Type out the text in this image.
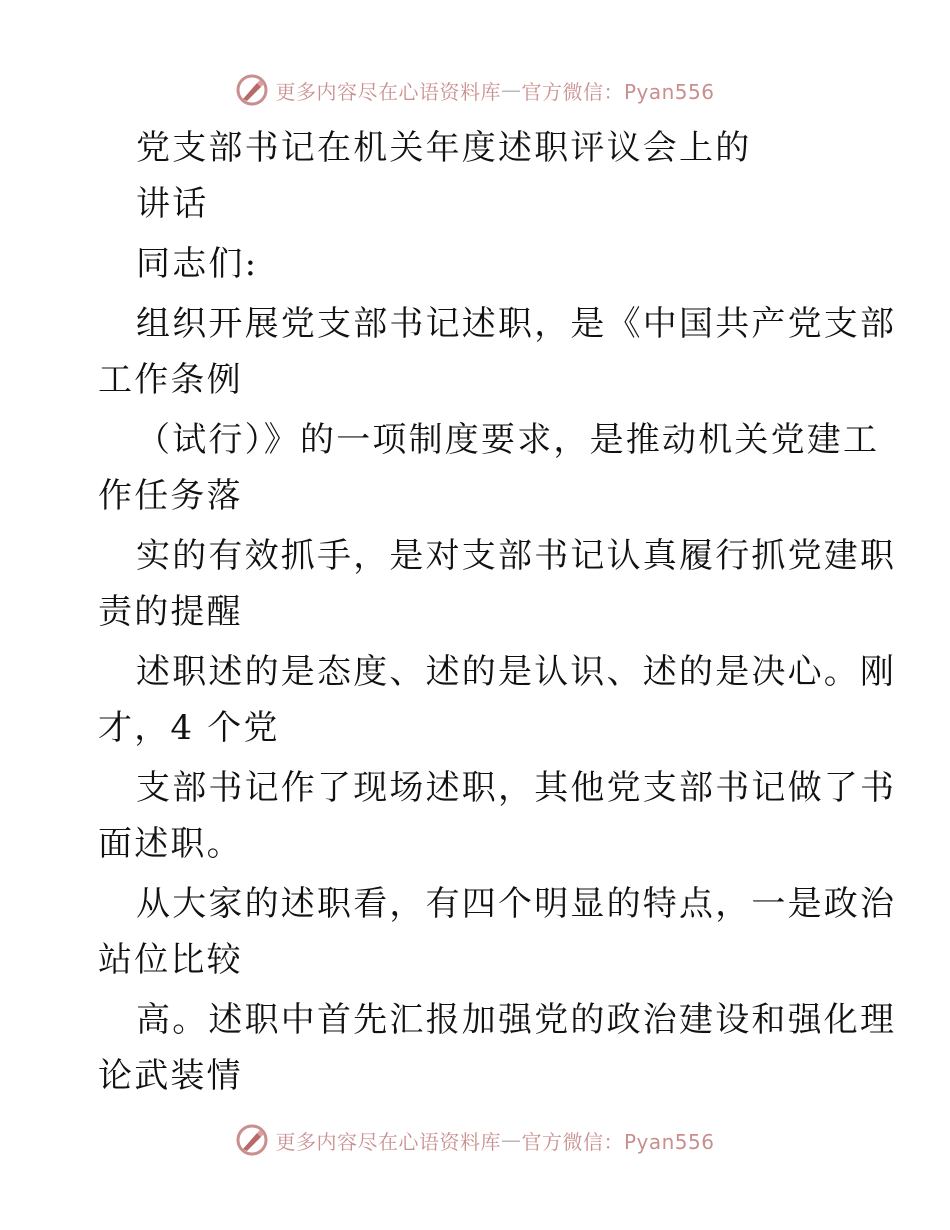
更多内容尽在心语资料库 — 官方微信：Pyan556
党支部书记在机关年度述职评议会上的
讲话
同志们:
组织开展党支部书记述职，是《中国共产党支部
工作条例
（试行）》的一项制度要求，是推动机关党建工
作任务落
实的有效抓手，是对支部书记认真履行抓党建职
责的提醒
述职述的是态度、述的是认识、述的是决心。刚
才，4 个党
支部书记作了现场述职，其他党支部书记做了书
面述职。
从大家的述职看，有四个明显的特点，一是政治
站位比较
高。述职中首先汇报加强党的政治建设和强化理
论武装情
更多内容尽在心语资料库 — 官方微信：Pyan556
